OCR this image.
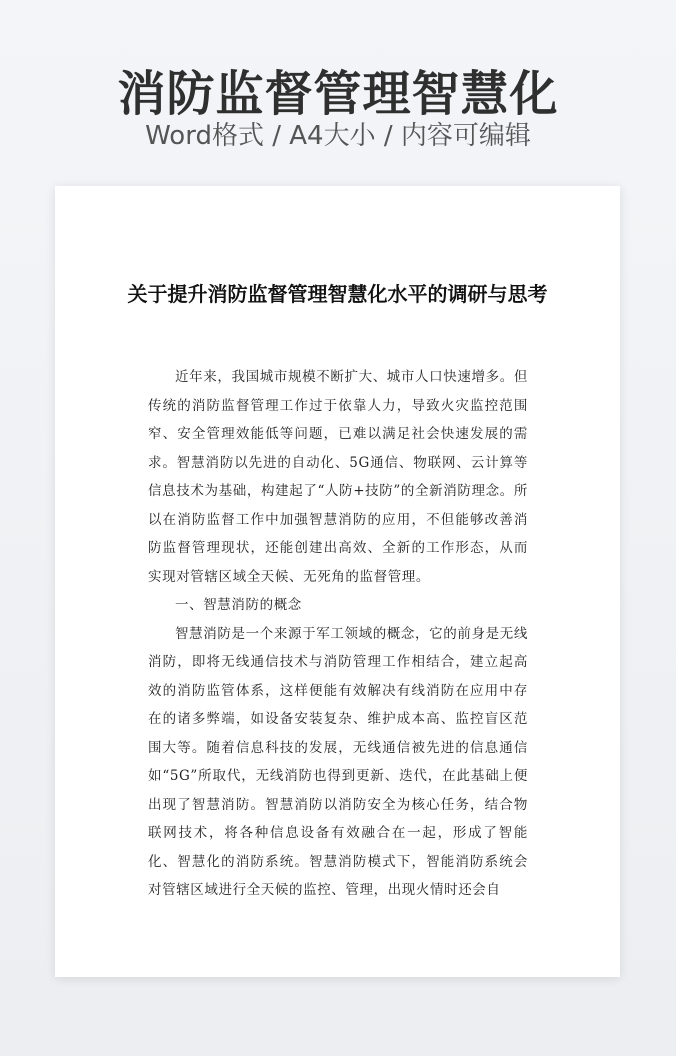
消防监督管理智慧化
Word格式 / A4大小 / 内容可编辑
关于提升消防监督管理智慧化水平的调研与思考

近年来，我国城市规模不断扩大、城市人口快速增多。但传统的消防监督管理工作过于依靠人力，导致火灾监控范围窄、安全管理效能低等问题，已难以满足社会快速发展的需求。智慧消防以先进的自动化、5G通信、物联网、云计算等信息技术为基础，构建起了“人防+技防”的全新消防理念。所以在消防监督工作中加强智慧消防的应用，不但能够改善消防监督管理现状，还能创建出高效、全新的工作形态，从而实现对管辖区域全天候、无死角的监督管理。

一、智慧消防的概念

智慧消防是一个来源于军工领域的概念，它的前身是无线消防，即将无线通信技术与消防管理工作相结合，建立起高效的消防监管体系，这样便能有效解决有线消防在应用中存在的诸多弊端，如设备安装复杂、维护成本高、监控盲区范围大等。随着信息科技的发展，无线通信被先进的信息通信如“5G”所取代，无线消防也得到更新、迭代，在此基础上便出现了智慧消防。智慧消防以消防安全为核心任务，结合物联网技术，将各种信息设备有效融合在一起，形成了智能化、智慧化的消防系统。智慧消防模式下，智能消防系统会对管辖区域进行全天候的监控、管理，出现火情时还会自
